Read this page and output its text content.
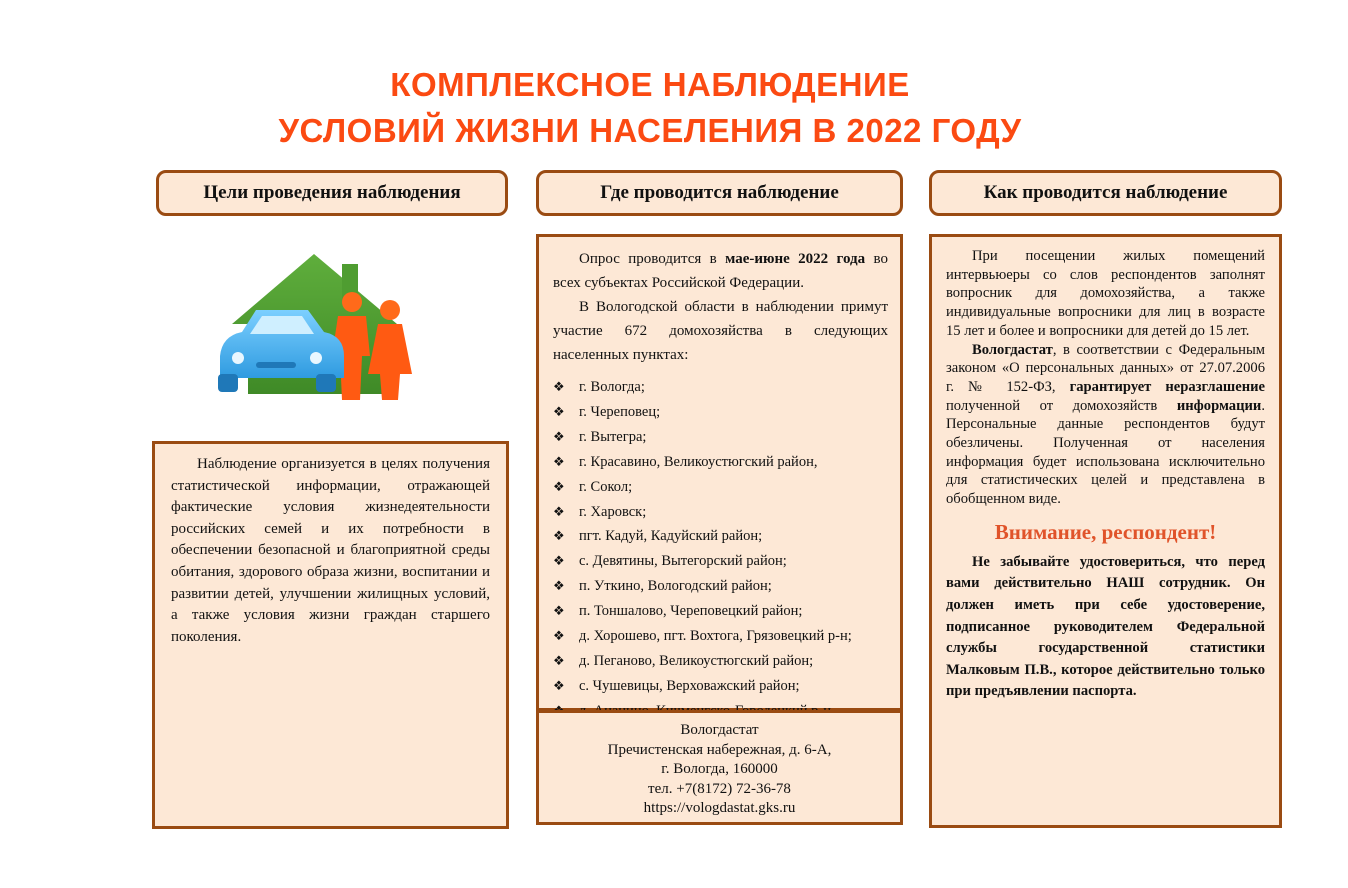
КОМПЛЕКСНОЕ НАБЛЮДЕНИЕ
УСЛОВИЙ ЖИЗНИ НАСЕЛЕНИЯ В 2022 ГОДУ
Цели проведения наблюдения	Где проводится наблюдение	Как проводится наблюдение

Наблюдение организуется в целях получения статистической информации, отражающей фактические условия жизнедеятельности российских семей и их потребности в обеспечении безопасной и благоприятной среды обитания, здорового образа жизни, воспитании и развитии детей, улучшении жилищных условий, а также условия жизни граждан старшего поколения.

Опрос проводится в мае-июне 2022 года во всех субъектах Российской Федерации.

В Вологодской области в наблюдении примут участие 672 домохозяйства в следующих населенных пунктах:

❖ г. Вологда;
❖ г. Череповец;
❖ г. Вытегра;
❖ г. Красавино, Великоустюгский район,
❖ г. Сокол;
❖ г. Харовск;
❖ пгт. Кадуй, Кадуйский район;
❖ с. Девятины, Вытегорский район;
❖ п. Уткино, Вологодский район;
❖ п. Тоншалово, Череповецкий район;
❖ д. Хорошево, пгт. Вохтога, Грязовецкий р-н;
❖ д. Пеганово, Великоустюгский район;
❖ с. Чушевицы, Верховажский район;
Вологдастат
Пречистенская набережная, д. 6-А,
г. Вологда, 160000
тел. +7(8172) 72-36-78
https://vologdastat.gks.ru

При посещении жилых помещений интервьюеры со слов респондентов заполнят вопросник для домохозяйства, а также индивидуальные вопросники для лиц в возрасте 15 лет и более и вопросники для детей до 15 лет.

Вологдастат, в соответствии с Федеральным законом «О персональных данных» от 27.07.2006 г. № 152-ФЗ, гарантирует неразглашение полученной от домохозяйств информации. Персональные данные респондентов будут обезличены. Полученная от населения информация будет использована исключительно для статистических целей и представлена в обобщенном виде.

Внимание, респондент!

Не забывайте удостовериться, что перед вами действительно НАШ сотрудник. Он должен иметь при себе удостоверение, подписанное руководителем Федеральной службы государственной статистики Малковым П.В., которое действительно только при предъявлении паспорта.
